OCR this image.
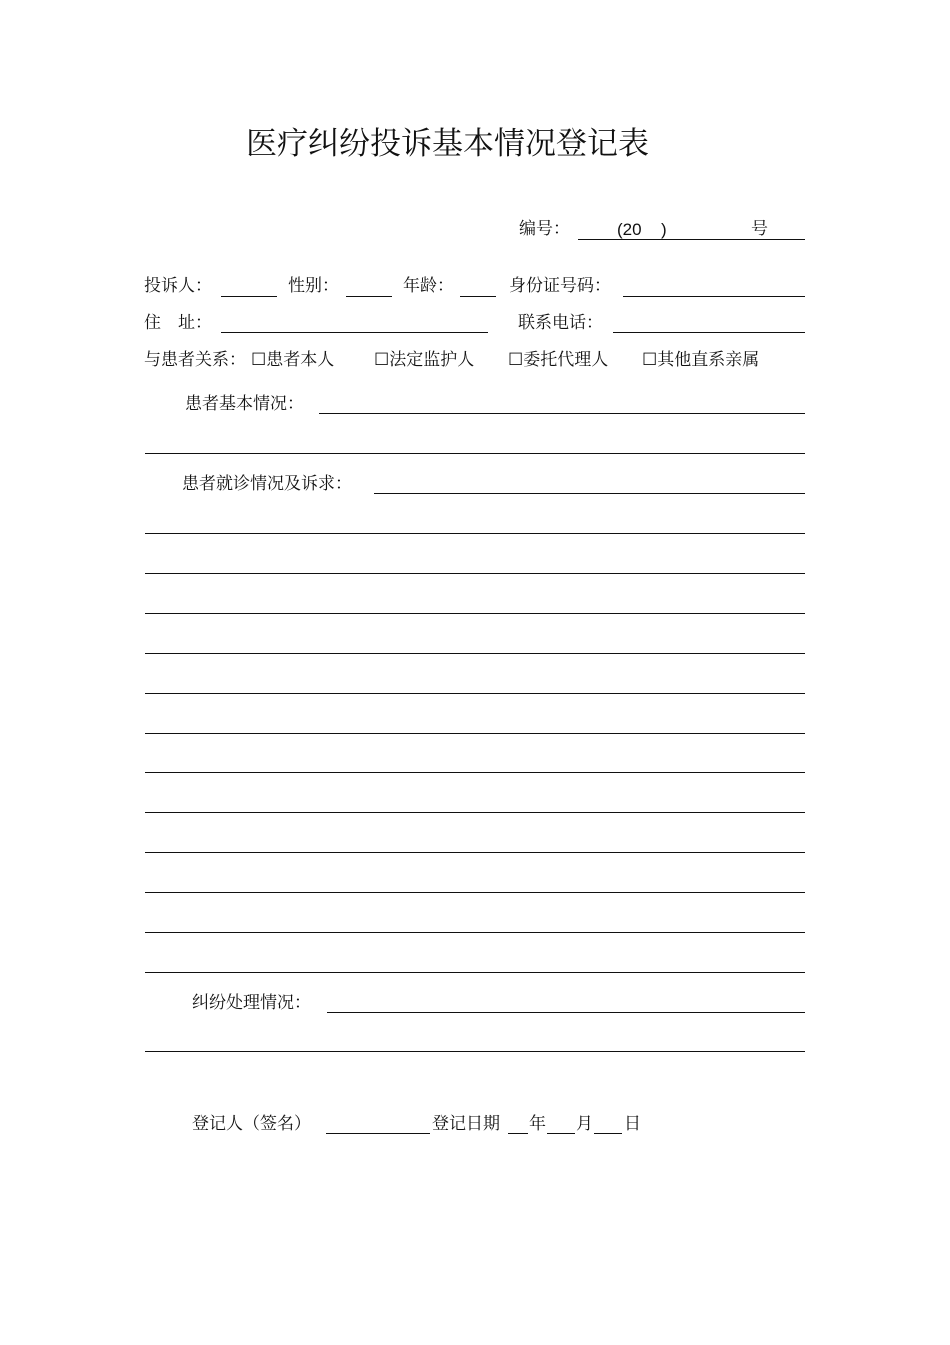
医疗纠纷投诉基本情况登记表
编号：	(20 )	号
投诉人：	性别：	年龄：	身份证号码：
住　址：	联系电话：
与患者关系： ☐患者本人 ☐法定监护人 ☐委托代理人 ☐其他直系亲属
患者基本情况：
患者就诊情况及诉求：
纠纷处理情况：
登记人（签名）	登记日期 年 月 日
